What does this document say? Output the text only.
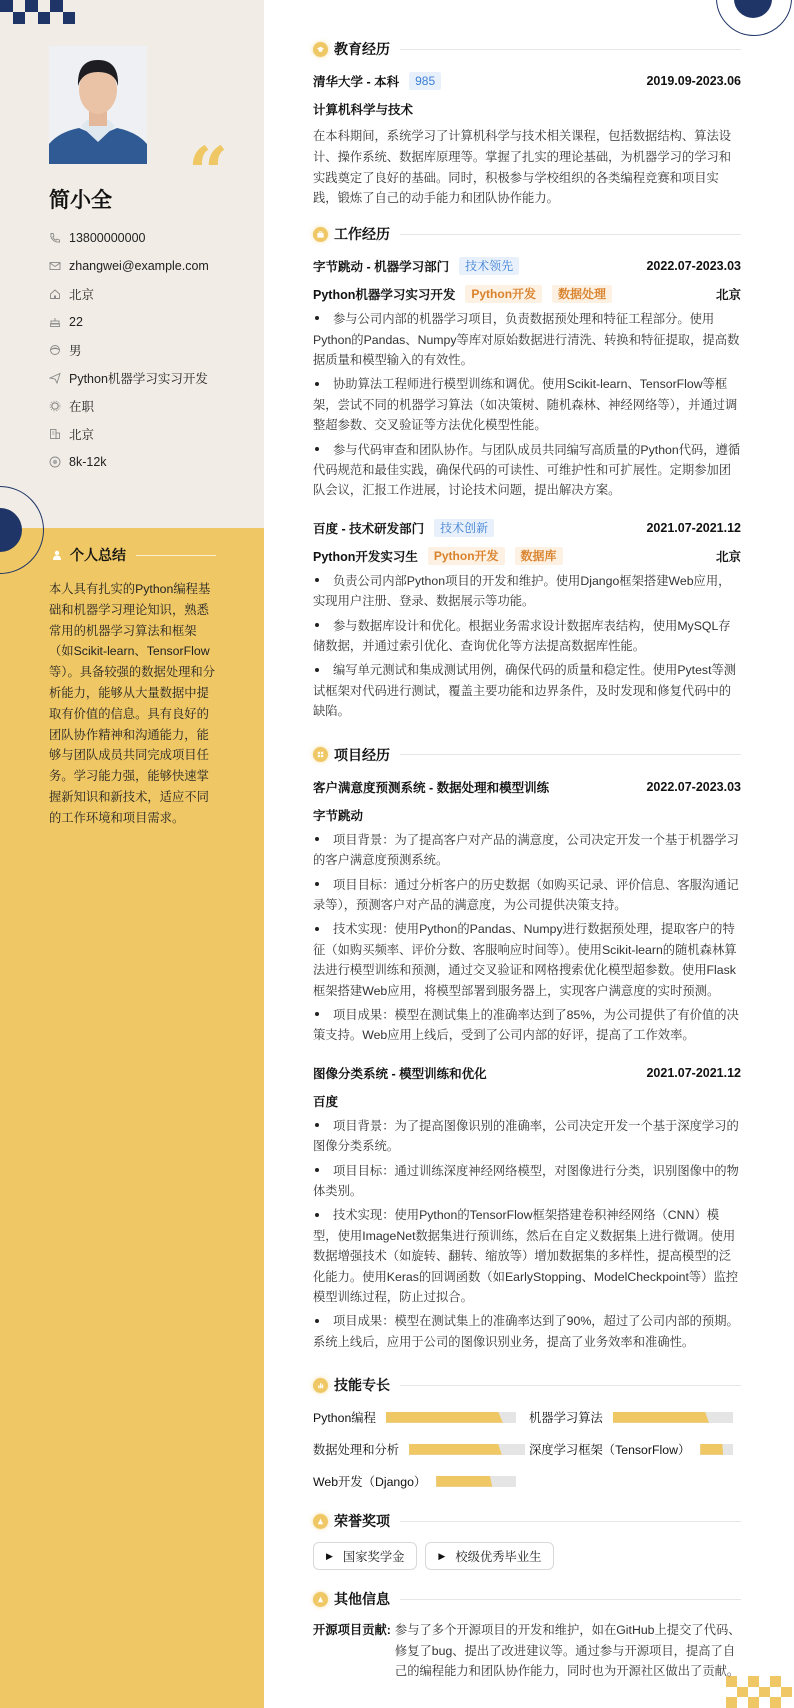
“
简小全
13800000000
zhangwei@example.com
北京
22
男
Python机器学习实习开发
在职
北京
8k-12k
个人总结
本人具有扎实的Python编程基础和机器学习理论知识，熟悉常用的机器学习算法和框架（如Scikit-learn、TensorFlow等）。具备较强的数据处理和分析能力，能够从大量数据中提取有价值的信息。具有良好的团队协作精神和沟通能力，能够与团队成员共同完成项目任务。学习能力强，能够快速掌握新知识和新技术，适应不同的工作环境和项目需求。
教育经历
清华大学 - 本科	985	2019.09-2023.06
计算机科学与技术
在本科期间，系统学习了计算机科学与技术相关课程，包括数据结构、算法设计、操作系统、数据库原理等。掌握了扎实的理论基础，为机器学习的学习和实践奠定了良好的基础。同时，积极参与学校组织的各类编程竞赛和项目实践，锻炼了自己的动手能力和团队协作能力。
工作经历
字节跳动 - 机器学习部门	技术领先	2022.07-2023.03
Python机器学习实习开发	Python开发	数据处理	北京
参与公司内部的机器学习项目，负责数据预处理和特征工程部分。使用Python的Pandas、Numpy等库对原始数据进行清洗、转换和特征提取，提高数据质量和模型输入的有效性。
协助算法工程师进行模型训练和调优。使用Scikit-learn、TensorFlow等框架，尝试不同的机器学习算法（如决策树、随机森林、神经网络等），并通过调整超参数、交叉验证等方法优化模型性能。
参与代码审查和团队协作。与团队成员共同编写高质量的Python代码，遵循代码规范和最佳实践，确保代码的可读性、可维护性和可扩展性。定期参加团队会议，汇报工作进展，讨论技术问题，提出解决方案。
百度 - 技术研发部门	技术创新	2021.07-2021.12
Python开发实习生	Python开发	数据库	北京
负责公司内部Python项目的开发和维护。使用Django框架搭建Web应用，实现用户注册、登录、数据展示等功能。
参与数据库设计和优化。根据业务需求设计数据库表结构，使用MySQL存储数据，并通过索引优化、查询优化等方法提高数据库性能。
编写单元测试和集成测试用例，确保代码的质量和稳定性。使用Pytest等测试框架对代码进行测试，覆盖主要功能和边界条件，及时发现和修复代码中的缺陷。
项目经历
客户满意度预测系统 - 数据处理和模型训练	2022.07-2023.03
字节跳动
项目背景：为了提高客户对产品的满意度，公司决定开发一个基于机器学习的客户满意度预测系统。
项目目标：通过分析客户的历史数据（如购买记录、评价信息、客服沟通记录等），预测客户对产品的满意度，为公司提供决策支持。
技术实现：使用Python的Pandas、Numpy进行数据预处理，提取客户的特征（如购买频率、评价分数、客服响应时间等）。使用Scikit-learn的随机森林算法进行模型训练和预测，通过交叉验证和网格搜索优化模型超参数。使用Flask框架搭建Web应用，将模型部署到服务器上，实现客户满意度的实时预测。
项目成果：模型在测试集上的准确率达到了85%，为公司提供了有价值的决策支持。Web应用上线后，受到了公司内部的好评，提高了工作效率。
图像分类系统 - 模型训练和优化	2021.07-2021.12
百度
项目背景：为了提高图像识别的准确率，公司决定开发一个基于深度学习的图像分类系统。
项目目标：通过训练深度神经网络模型，对图像进行分类，识别图像中的物体类别。
技术实现：使用Python的TensorFlow框架搭建卷积神经网络（CNN）模型，使用ImageNet数据集进行预训练，然后在自定义数据集上进行微调。使用数据增强技术（如旋转、翻转、缩放等）增加数据集的多样性，提高模型的泛化能力。使用Keras的回调函数（如EarlyStopping、ModelCheckpoint等）监控模型训练过程，防止过拟合。
项目成果：模型在测试集上的准确率达到了90%，超过了公司内部的预期。系统上线后，应用于公司的图像识别业务，提高了业务效率和准确性。
技能专长
Python编程	机器学习算法
数据处理和分析	深度学习框架（TensorFlow）
Web开发（Django）
荣誉奖项
▶ 国家奖学金	▶ 校级优秀毕业生
其他信息
开源项目贡献: 参与了多个开源项目的开发和维护，如在GitHub上提交了代码、修复了bug、提出了改进建议等。通过参与开源项目，提高了自己的编程能力和团队协作能力，同时也为开源社区做出了贡献。
